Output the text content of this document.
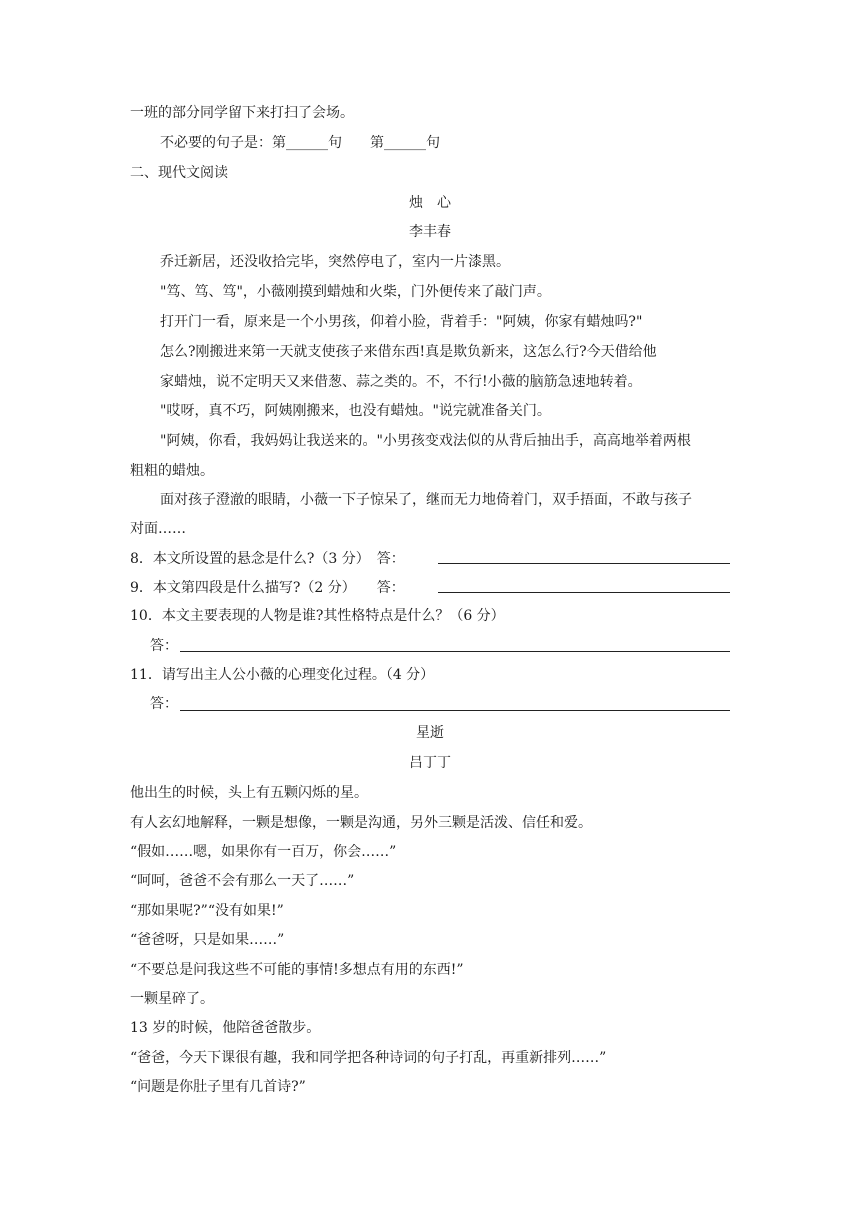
一班的部分同学留下来打扫了会场。
不必要的句子是：第______句　　第______句
二、现代文阅读
烛　心
李丰春
乔迁新居，还没收拾完毕，突然停电了，室内一片漆黑。
"笃、笃、笃"，小薇刚摸到蜡烛和火柴，门外便传来了敲门声。
打开门一看，原来是一个小男孩，仰着小脸，背着手："阿姨，你家有蜡烛吗?"
怎么?刚搬进来第一天就支使孩子来借东西!真是欺负新来，这怎么行?今天借给他
家蜡烛，说不定明天又来借葱、蒜之类的。不，不行!小薇的脑筋急速地转着。
"哎呀，真不巧，阿姨刚搬来，也没有蜡烛。"说完就准备关门。
"阿姨，你看，我妈妈让我送来的。"小男孩变戏法似的从背后抽出手，高高地举着两根
粗粗的蜡烛。
面对孩子澄澈的眼睛，小薇一下子惊呆了，继而无力地倚着门，双手捂面，不敢与孩子
对面……
8．本文所设置的悬念是什么?（3 分）　答：
9．本文第四段是什么描写?（2 分）　　答：
10．本文主要表现的人物是谁?其性格特点是什么？（6 分）
答：
11．请写出主人公小薇的心理变化过程。（4 分）
答：
星逝
吕丁丁
他出生的时候，头上有五颗闪烁的星。
有人玄幻地解释，一颗是想像，一颗是沟通，另外三颗是活泼、信任和爱。
“假如……嗯，如果你有一百万，你会……”
“呵呵，爸爸不会有那么一天了……”
“那如果呢?”“没有如果!”
“爸爸呀，只是如果……”
“不要总是问我这些不可能的事情!多想点有用的东西!”
一颗星碎了。
13 岁的时候，他陪爸爸散步。
“爸爸，今天下课很有趣，我和同学把各种诗词的句子打乱，再重新排列……”
“问题是你肚子里有几首诗?”
